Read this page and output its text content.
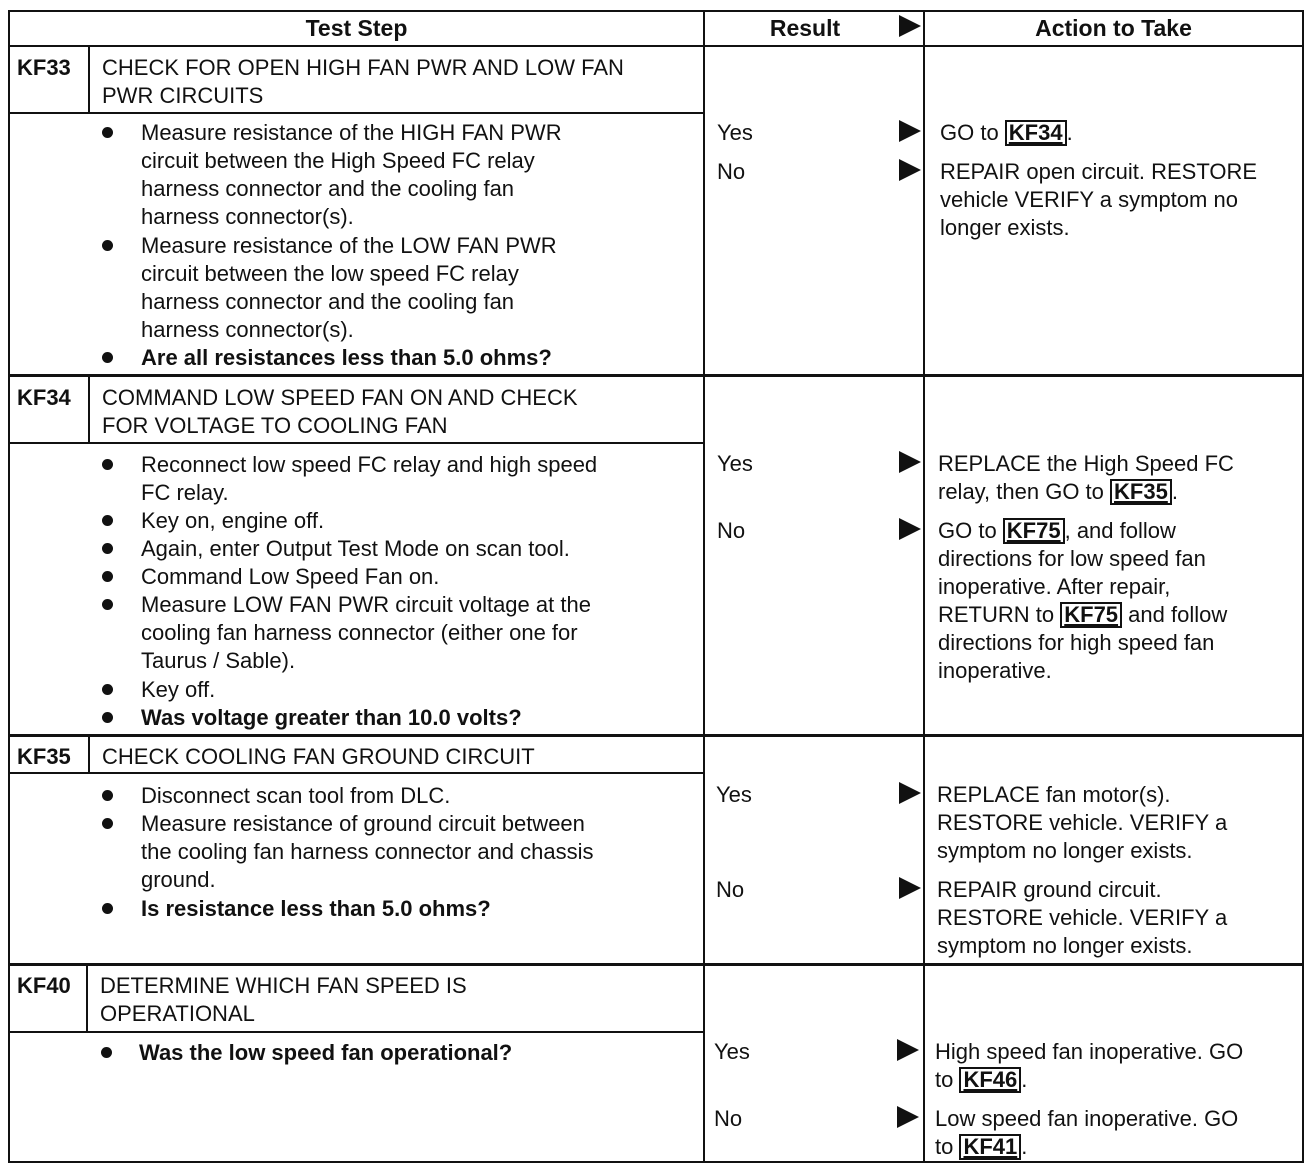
Test Step	Result	Action to Take
KF33 CHECK FOR OPEN HIGH FAN PWR AND LOW FAN
PWR CIRCUITS
Measure resistance of the HIGH FAN PWR
circuit between the High Speed FC relay
harness connector and the cooling fan
harness connector(s).
Measure resistance of the LOW FAN PWR
circuit between the low speed FC relay
harness connector and the cooling fan
harness connector(s).
Are all resistances less than 5.0 ohms?
Yes	GO to KF34 .
No	REPAIR open circuit. RESTORE
vehicle VERIFY a symptom no
longer exists.
KF34 COMMAND LOW SPEED FAN ON AND CHECK
FOR VOLTAGE TO COOLING FAN
Reconnect low speed FC relay and high speed
FC relay.
Key on, engine off.
Again, enter Output Test Mode on scan tool.
Command Low Speed Fan on.
Measure LOW FAN PWR circuit voltage at the
cooling fan harness connector (either one for
Taurus / Sable).
Key off.
Was voltage greater than 10.0 volts?
Yes	REPLACE the High Speed FC
relay, then GO to KF35 .
No	GO to KF75 , and follow
directions for low speed fan
inoperative. After repair,
RETURN to KF75 and follow
directions for high speed fan
inoperative.
KF35 CHECK COOLING FAN GROUND CIRCUIT
Disconnect scan tool from DLC.
Measure resistance of ground circuit between
the cooling fan harness connector and chassis
ground.
Is resistance less than 5.0 ohms?
Yes	REPLACE fan motor(s).
RESTORE vehicle. VERIFY a
symptom no longer exists.
No	REPAIR ground circuit.
RESTORE vehicle. VERIFY a
symptom no longer exists.
KF40 DETERMINE WHICH FAN SPEED IS
OPERATIONAL
Was the low speed fan operational?	Yes	High speed fan inoperative. GO
to KF46 .
No	Low speed fan inoperative. GO
to KF41 .
